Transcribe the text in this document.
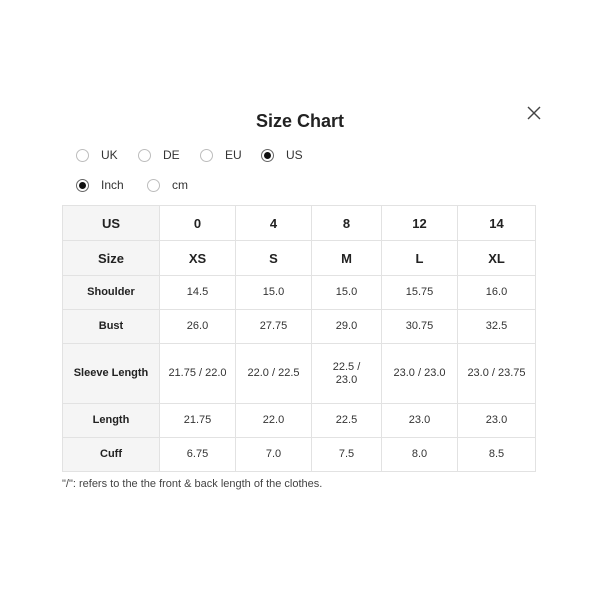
Size Chart
UK	DE	EU	US
Inch	cm
US	0	4	8	12	14
Size	XS	S	M	L	XL
Shoulder	14.5	15.0	15.0	15.75	16.0
Bust	26.0	27.75	29.0	30.75	32.5
Sleeve Length	21.75 / 22.0	22.0 / 22.5	22.5 / 23.0	23.0 / 23.0	23.0 / 23.75
Length	21.75	22.0	22.5	23.0	23.0
Cuff	6.75	7.0	7.5	8.0	8.5
"/": refers to the the front & back length of the clothes.
